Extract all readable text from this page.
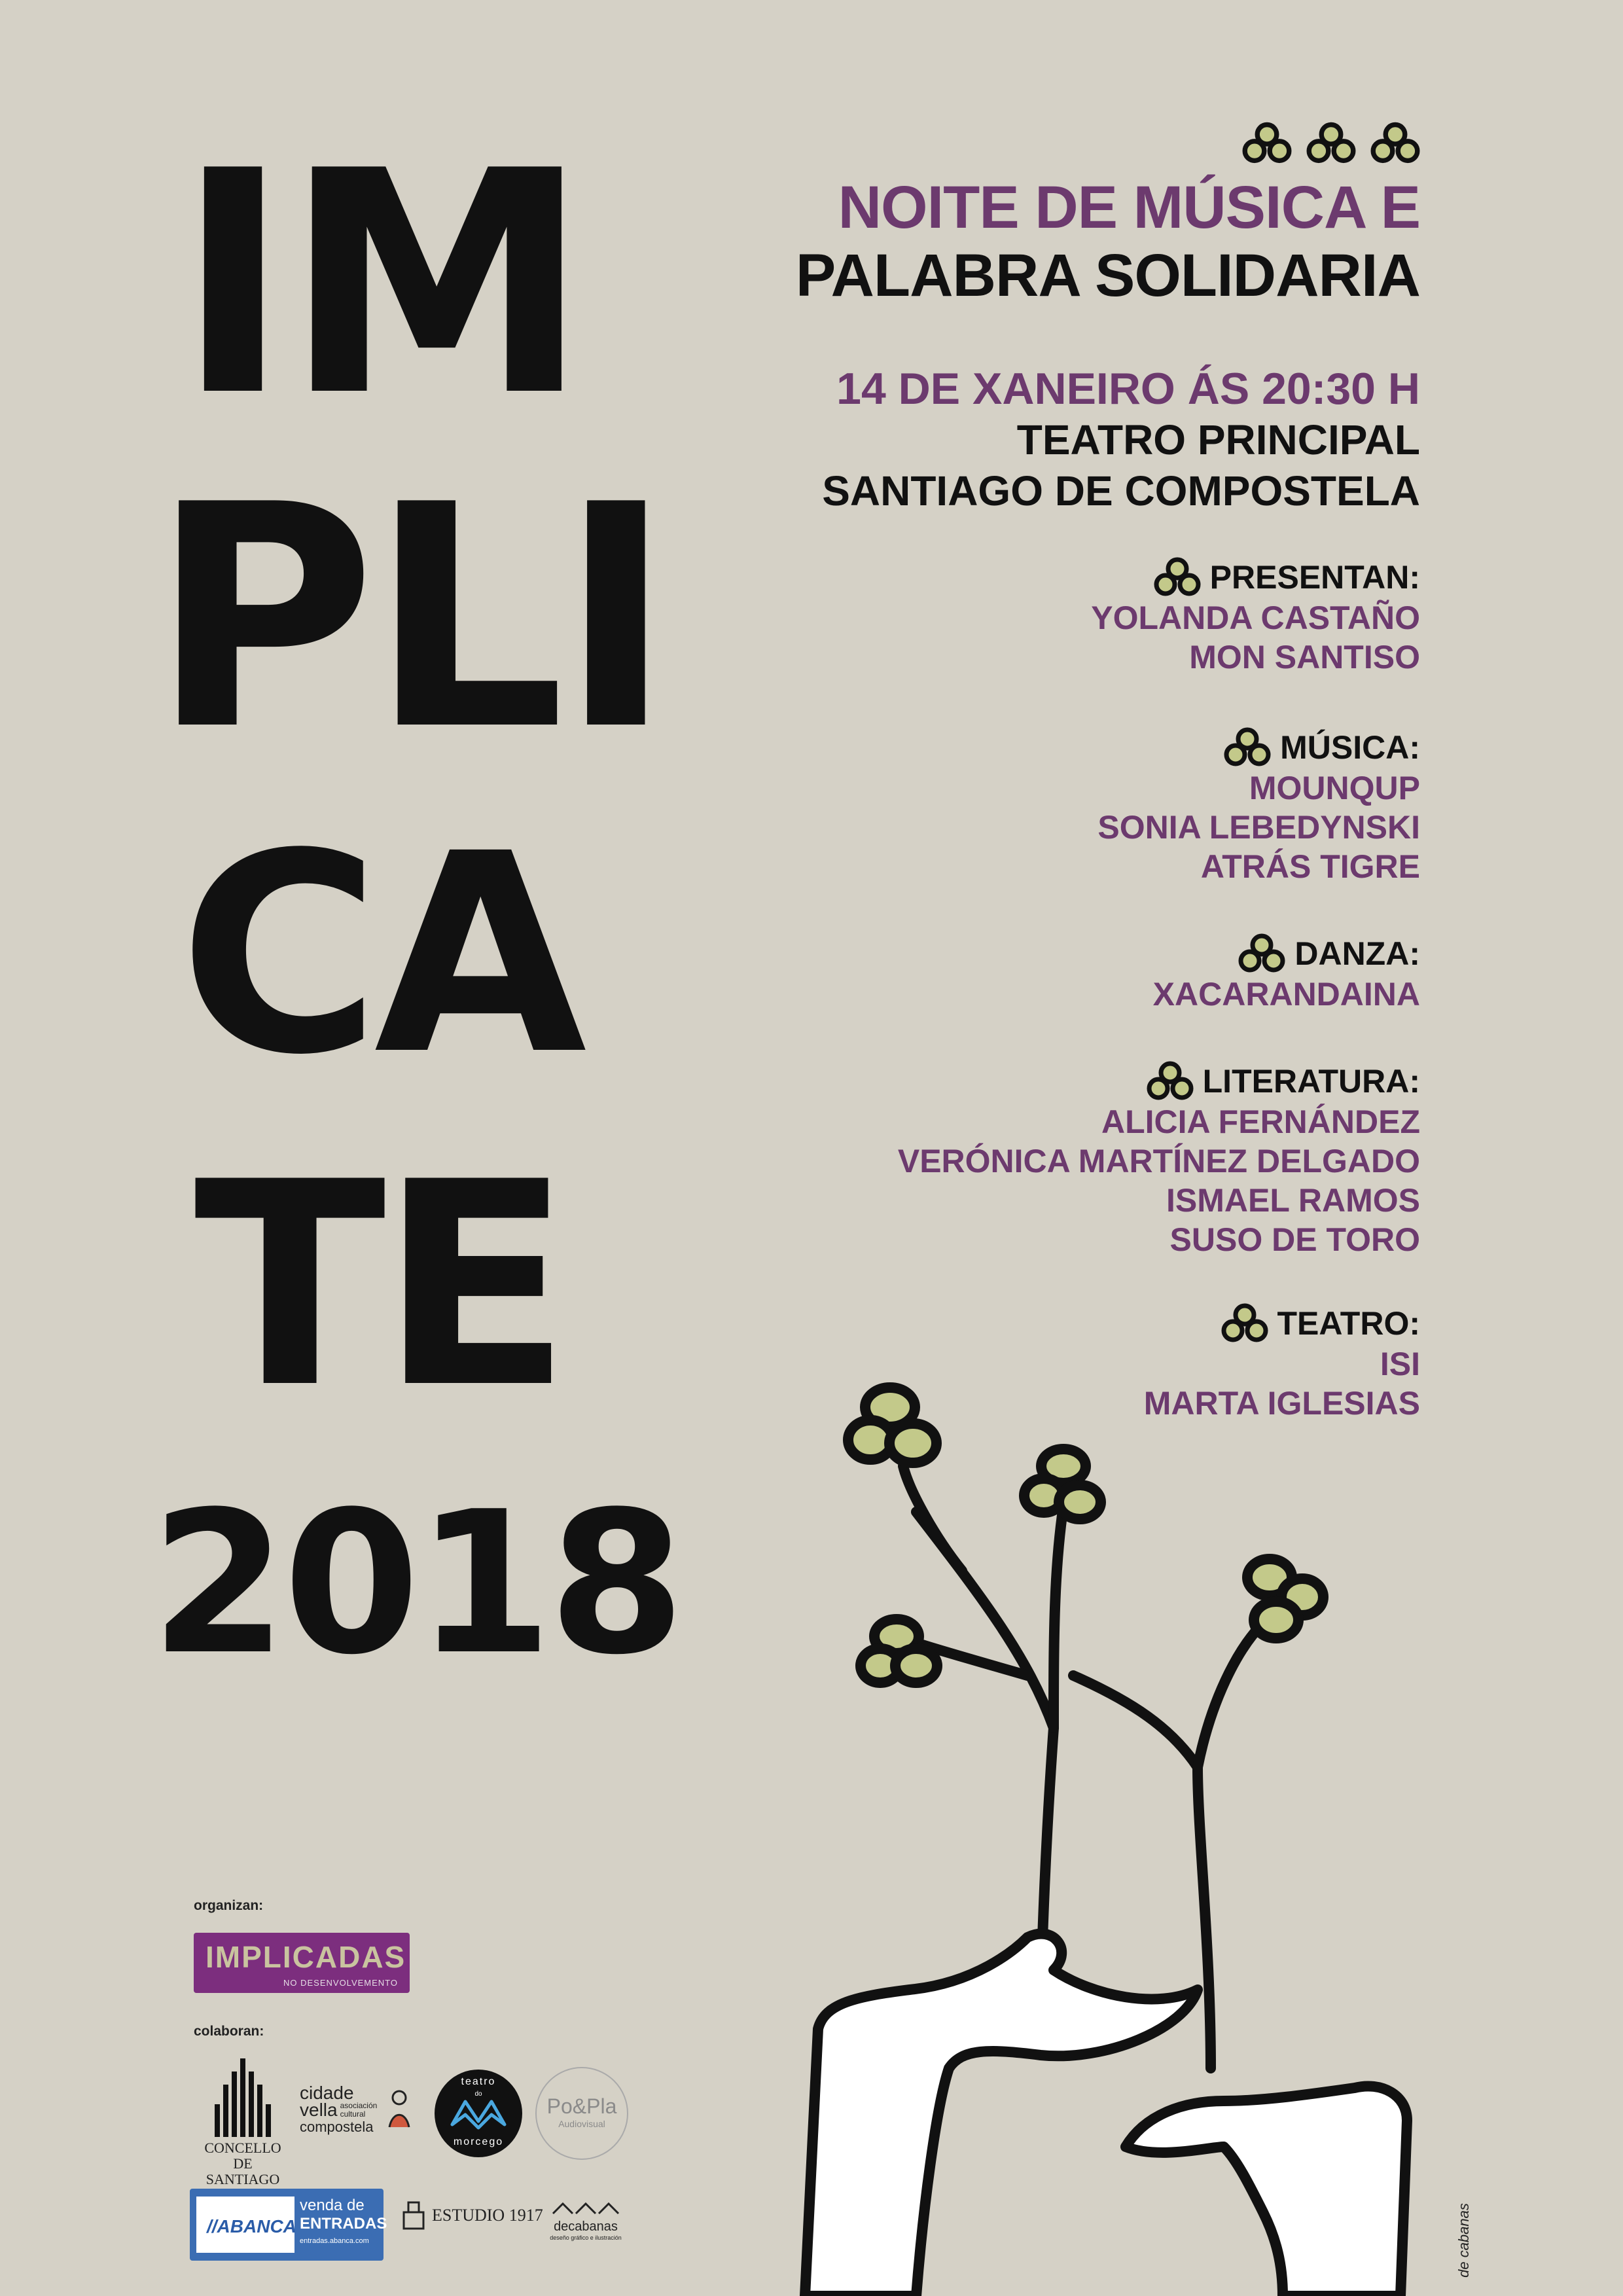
IM
PLI
CA
TE
2018
NOITE DE MÚSICA E
PALABRA SOLIDARIA
14 DE XANEIRO ÁS 20:30 H
TEATRO PRINCIPAL
SANTIAGO DE COMPOSTELA
PRESENTAN:
YOLANDA CASTAÑO
MON SANTISO
MÚSICA:
MOUNQUP
SONIA LEBEDYNSKI
ATRÁS TIGRE
DANZA:
XACARANDAINA
LITERATURA:
ALICIA FERNÁNDEZ
VERÓNICA MARTÍNEZ DELGADO
ISMAEL RAMOS
SUSO DE TORO
TEATRO:
ISI
MARTA IGLESIAS
de cabanas
organizan:
IMPLICADAS
NO DESENVOLVEMENTO
colaboran:
CONCELLO DE
SANTIAGO
cidade
vella asociación
cultural
compostela
teatro
do
morcego
Po&Pla
Audiovisual
//ABANCA
venda de
ENTRADAS
entradas.abanca.com
ESTUDIO 1917
decabanas
deseño gráfico e ilustración
